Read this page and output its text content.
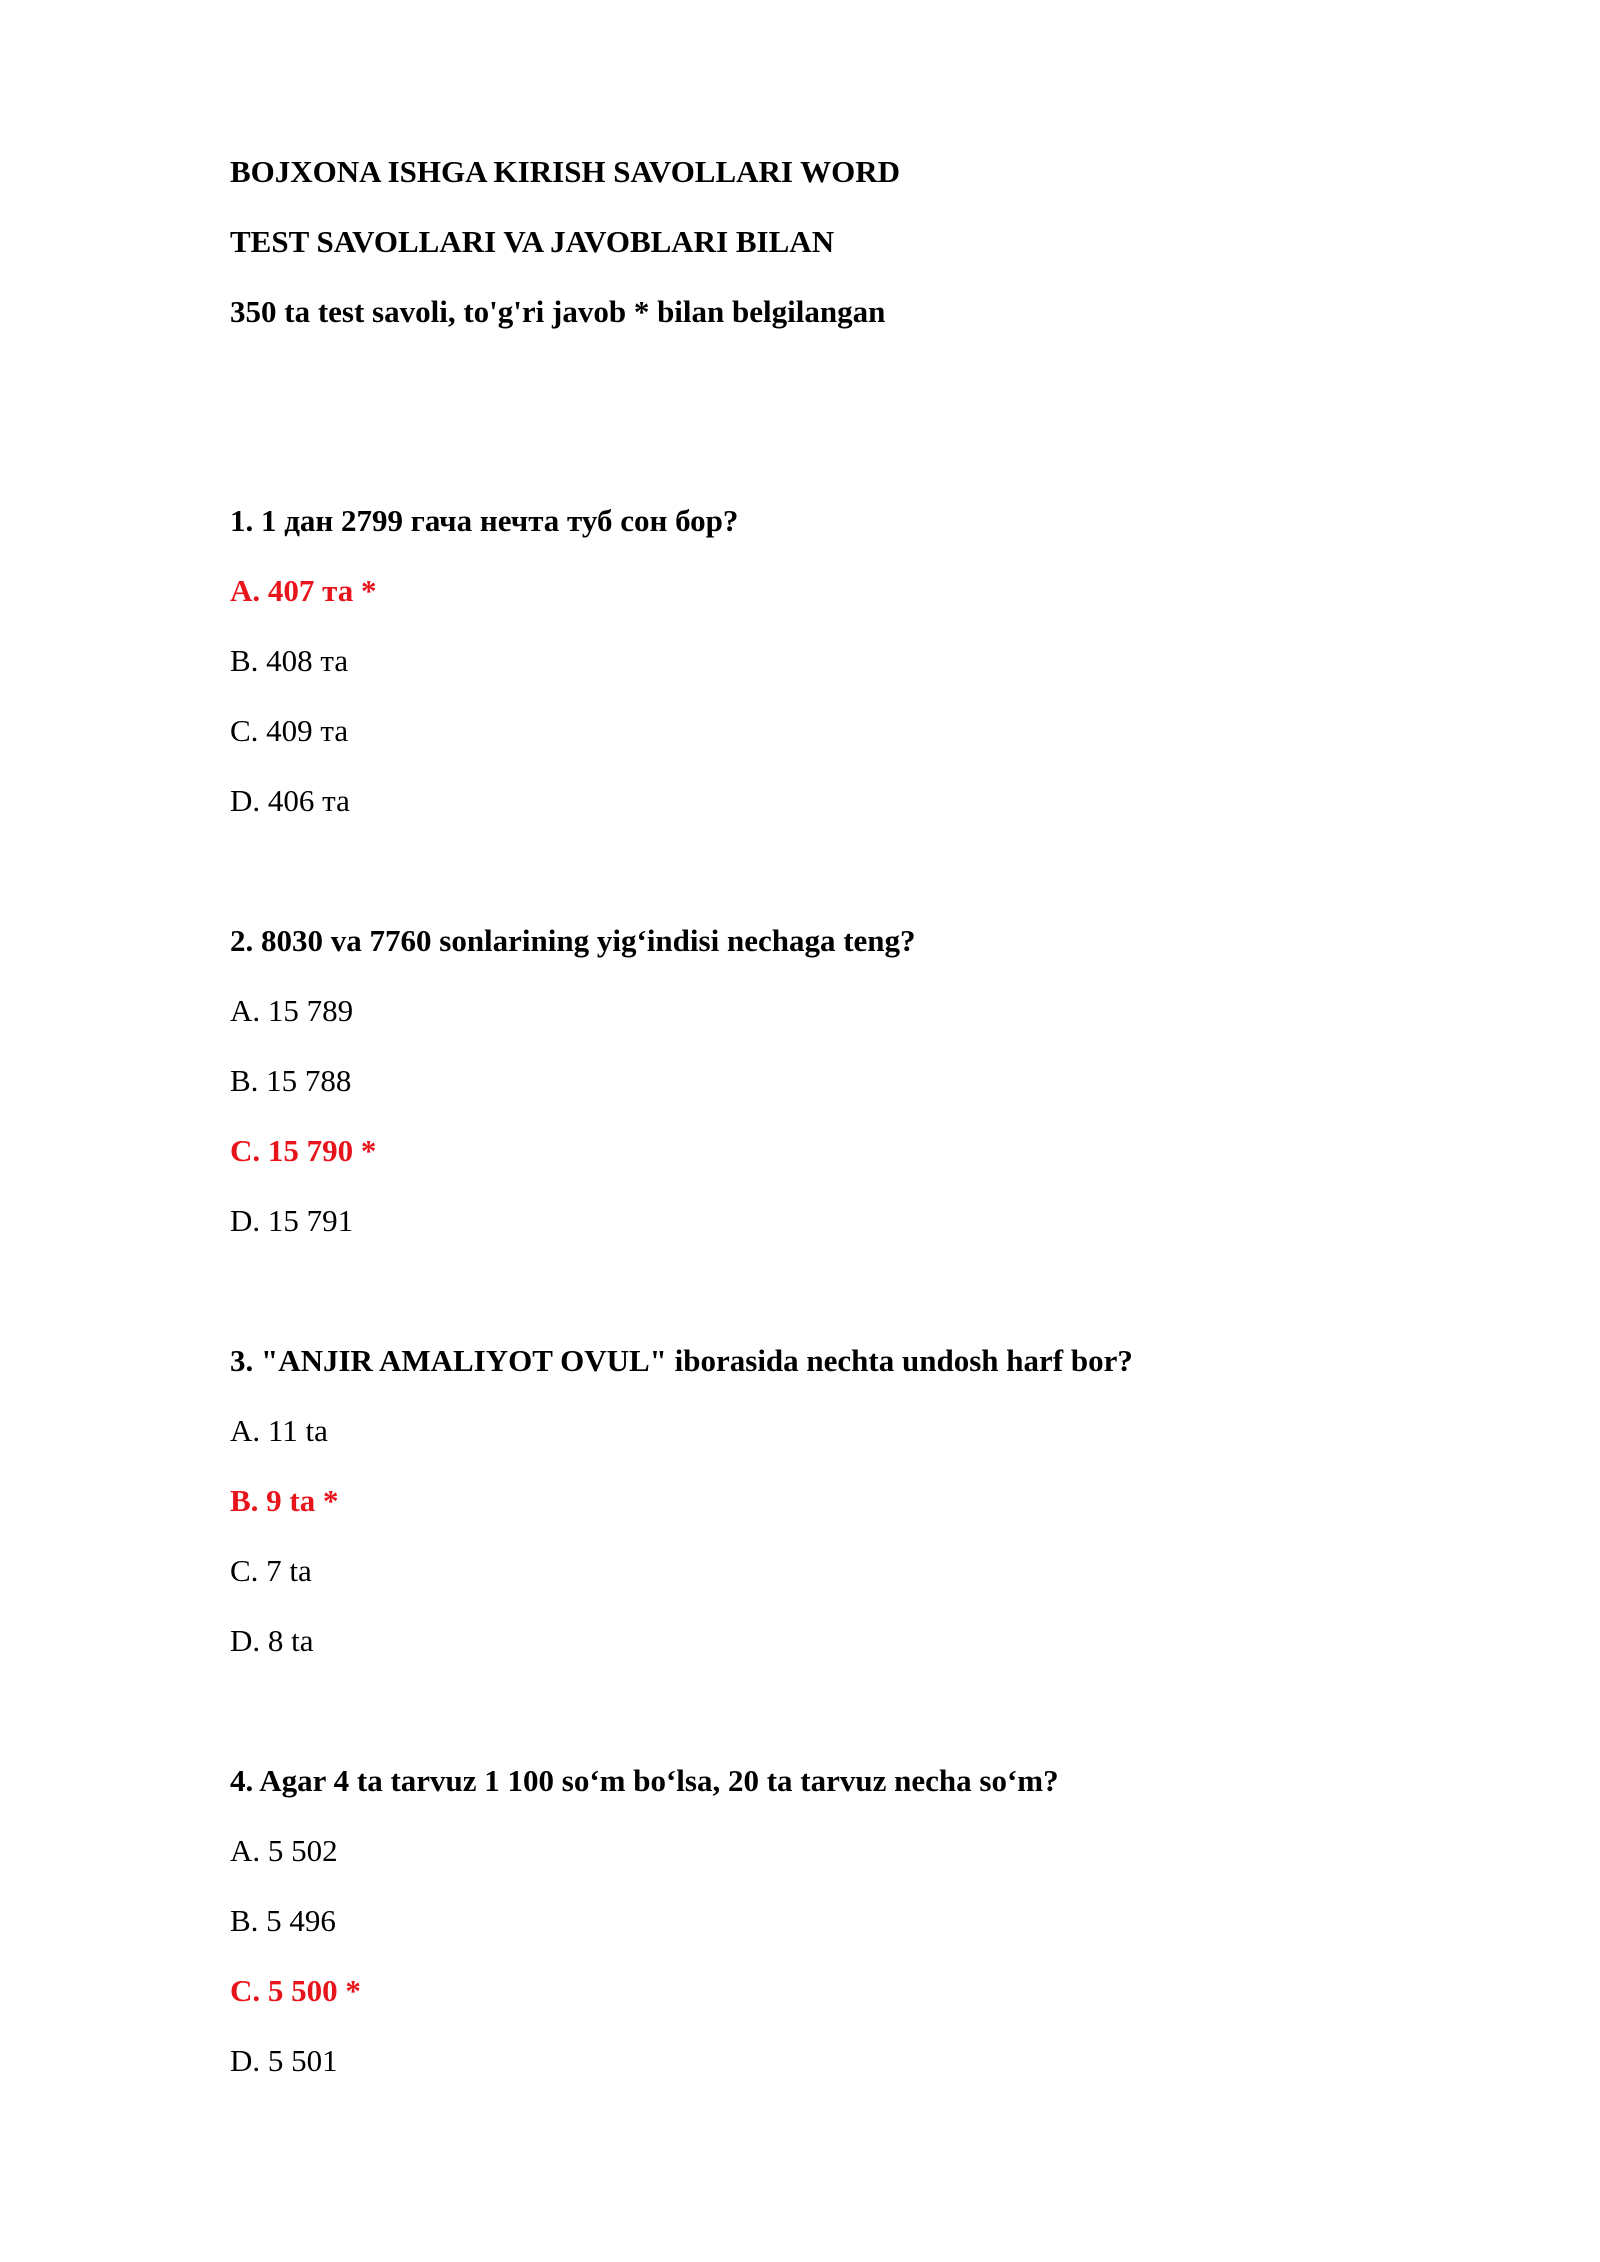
BOJXONA ISHGA KIRISH SAVOLLARI WORD
TEST SAVOLLARI VA JAVOBLARI BILAN
350 ta test savoli, to'g'ri javob * bilan belgilangan
1. 1 дан 2799 гача нечта туб сон бор?
A. 407 та *
B. 408 та
C. 409 та
D. 406 та
2. 8030 va 7760 sonlarining yig‘indisi nechaga teng?
A. 15 789
B. 15 788
C. 15 790 *
D. 15 791
3. "ANJIR AMALIYOT OVUL" iborasida nechta undosh harf bor?
A. 11 ta
B. 9 ta *
C. 7 ta
D. 8 ta
4. Agar 4 ta tarvuz 1 100 so‘m bo‘lsa, 20 ta tarvuz necha so‘m?
A. 5 502
B. 5 496
C. 5 500 *
D. 5 501
